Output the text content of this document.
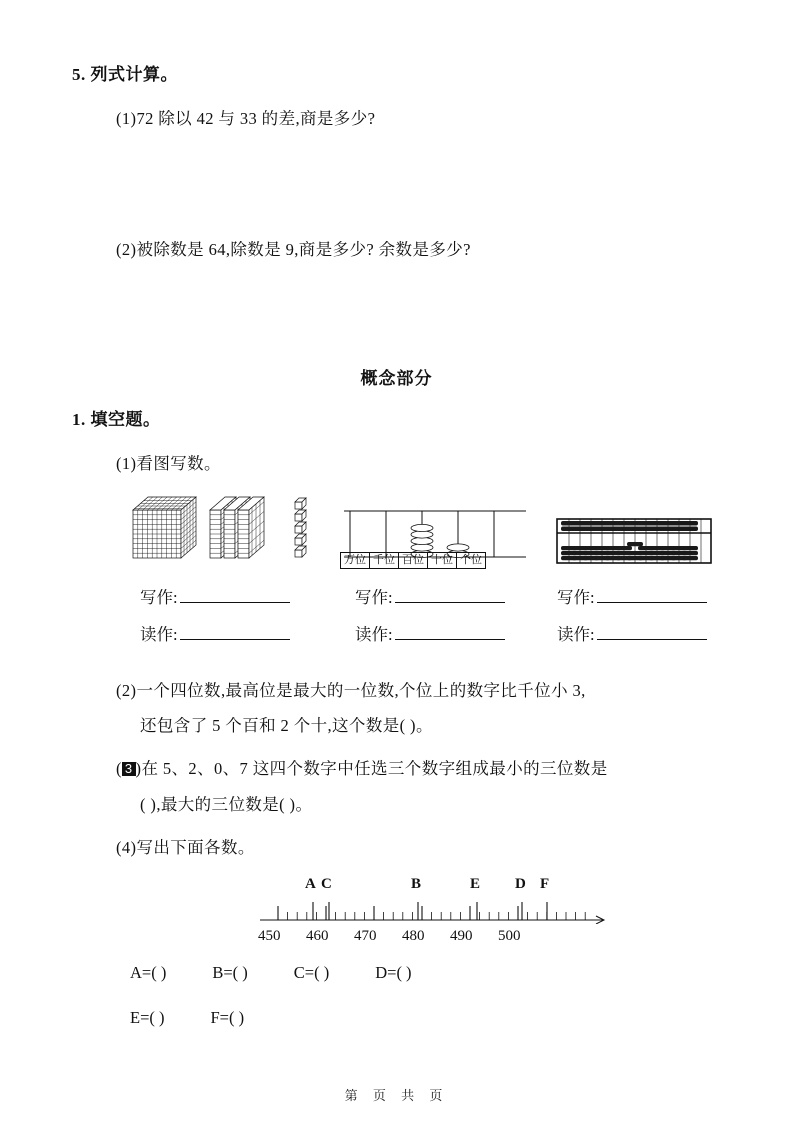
5. 列式计算。
(1)72 除以 42 与 33 的差,商是多少?
(2)被除数是 64,除数是 9,商是多少? 余数是多少?
概念部分
1. 填空题。
(1)看图写数。
万位	千位	百位	十位	个位
写作:
读作:
写作:
读作:
写作:
读作:
(2)一个四位数,最高位是最大的一位数,个位上的数字比千位小 3,
还包含了 5 个百和 2 个十,这个数是( )。
( 3 )在 5、2、0、7 这四个数字中任选三个数字组成最小的三位数是
( ),最大的三位数是( )。
(4)写出下面各数。
A C	B	E D F
450 460 470 480 490 500
A=( )	B=( )	C=( )	D=( )
E=( )	F=( )
第 页 共 页
